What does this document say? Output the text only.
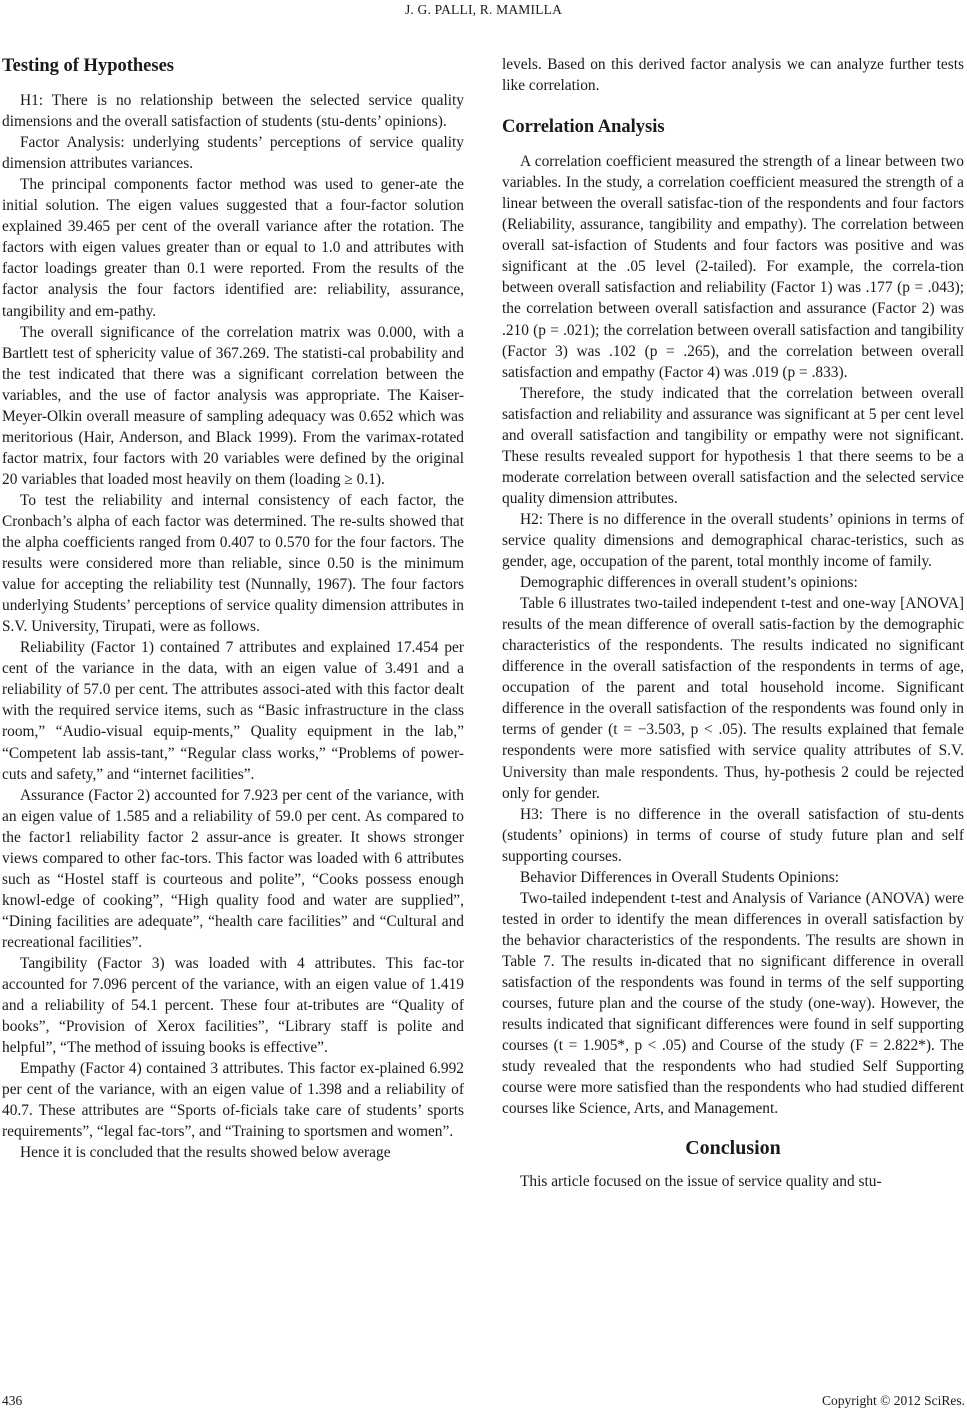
J. G. PALLI, R. MAMILLA
Testing of Hypotheses

H1: There is no relationship between the selected service quality dimensions and the overall satisfaction of students (stu-dents’ opinions).

Factor Analysis: underlying students’ perceptions of service quality dimension attributes variances.

The principal components factor method was used to gener-ate the initial solution. The eigen values suggested that a four-factor solution explained 39.465 per cent of the overall variance after the rotation. The factors with eigen values greater than or equal to 1.0 and attributes with factor loadings greater than 0.1 were reported. From the results of the factor analysis the four factors identified are: reliability, assurance, tangibility and em-pathy.

The overall significance of the correlation matrix was 0.000, with a Bartlett test of sphericity value of 367.269. The statisti-cal probability and the test indicated that there was a significant correlation between the variables, and the use of factor analysis was appropriate. The Kaiser-Meyer-Olkin overall measure of sampling adequacy was 0.652 which was meritorious (Hair, Anderson, and Black 1999). From the varimax-rotated factor matrix, four factors with 20 variables were defined by the original 20 variables that loaded most heavily on them (loading ≥ 0.1).

To test the reliability and internal consistency of each factor, the Cronbach’s alpha of each factor was determined. The re-sults showed that the alpha coefficients ranged from 0.407 to 0.570 for the four factors. The results were considered more than reliable, since 0.50 is the minimum value for accepting the reliability test (Nunnally, 1967). The four factors underlying Students’ perceptions of service quality dimension attributes in S.V. University, Tirupati, were as follows.

Reliability (Factor 1) contained 7 attributes and explained 17.454 per cent of the variance in the data, with an eigen value of 3.491 and a reliability of 57.0 per cent. The attributes associ-ated with this factor dealt with the required service items, such as “Basic infrastructure in the class room,” “Audio-visual equip-ments,” Quality equipment in the lab,” “Competent lab assis-tant,” “Regular class works,” “Problems of power-cuts and safety,” and “internet facilities”.

Assurance (Factor 2) accounted for 7.923 per cent of the variance, with an eigen value of 1.585 and a reliability of 59.0 per cent. As compared to the factor1 reliability factor 2 assur-ance is greater. It shows stronger views compared to other fac-tors. This factor was loaded with 6 attributes such as “Hostel staff is courteous and polite”, “Cooks possess enough knowl-edge of cooking”, “High quality food and water are supplied”, “Dining facilities are adequate”, “health care facilities” and “Cultural and recreational facilities”.

Tangibility (Factor 3) was loaded with 4 attributes. This fac-tor accounted for 7.096 percent of the variance, with an eigen value of 1.419 and a reliability of 54.1 percent. These four at-tributes are “Quality of books”, “Provision of Xerox facilities”, “Library staff is polite and helpful”, “The method of issuing books is effective”.

Empathy (Factor 4) contained 3 attributes. This factor ex-plained 6.992 per cent of the variance, with an eigen value of 1.398 and a reliability of 40.7. These attributes are “Sports of-ficials take care of students’ sports requirements”, “legal fac-tors”, and “Training to sportsmen and women”.

Hence it is concluded that the results showed below average

levels. Based on this derived factor analysis we can analyze further tests like correlation.

Correlation Analysis

A correlation coefficient measured the strength of a linear between two variables. In the study, a correlation coefficient measured the strength of a linear between the overall satisfac-tion of the respondents and four factors (Reliability, assurance, tangibility and empathy). The correlation between overall sat-isfaction of Students and four factors was positive and was significant at the .05 level (2-tailed). For example, the correla-tion between overall satisfaction and reliability (Factor 1) was .177 (p = .043); the correlation between overall satisfaction and assurance (Factor 2) was .210 (p = .021); the correlation between overall satisfaction and tangibility (Factor 3) was .102 (p = .265), and the correlation between overall satisfaction and empathy (Factor 4) was .019 (p = .833).

Therefore, the study indicated that the correlation between overall satisfaction and reliability and assurance was significant at 5 per cent level and overall satisfaction and tangibility or empathy were not significant. These results revealed support for hypothesis 1 that there seems to be a moderate correlation between overall satisfaction and the selected service quality dimension attributes.

H2: There is no difference in the overall students’ opinions in terms of service quality dimensions and demographical charac-teristics, such as gender, age, occupation of the parent, total monthly income of family.

Demographic differences in overall student’s opinions:

Table 6 illustrates two-tailed independent t-test and one-way [ANOVA] results of the mean difference of overall satis-faction by the demographic characteristics of the respondents. The results indicated no significant difference in the overall satisfaction of the respondents in terms of age, occupation of the parent and total household income. Significant difference in the overall satisfaction of the respondents was found only in terms of gender (t = −3.503, p < .05). The results explained that female respondents were more satisfied with service quality attributes of S.V. University than male respondents. Thus, hy-pothesis 2 could be rejected only for gender.

H3: There is no difference in the overall satisfaction of stu-dents (students’ opinions) in terms of course of study future plan and self supporting courses.

Behavior Differences in Overall Students Opinions:

Two-tailed independent t-test and Analysis of Variance (ANOVA) were tested in order to identify the mean differences in overall satisfaction by the behavior characteristics of the respondents. The results are shown in Table 7. The results in-dicated that no significant difference in overall satisfaction of the respondents was found in terms of the self supporting courses, future plan and the course of the study (one-way). However, the results indicated that significant differences were found in self supporting courses (t = 1.905*, p < .05) and Course of the study (F = 2.822*). The study revealed that the respondents who had studied Self Supporting course were more satisfied than the respondents who had studied different courses like Science, Arts, and Management.

Conclusion

This article focused on the issue of service quality and stu-

436	Copyright © 2012 SciRes.
